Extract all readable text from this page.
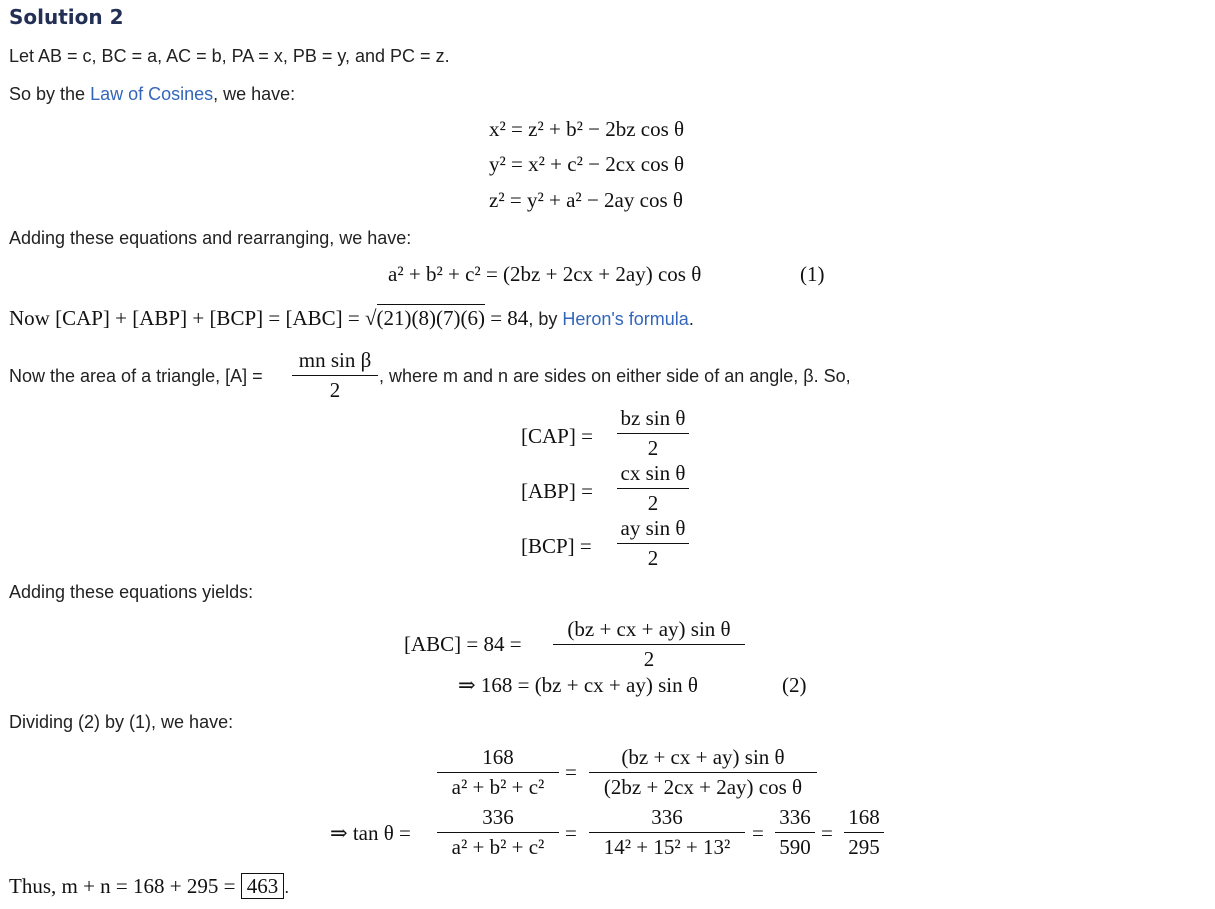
Solution 2
Let AB = c, BC = a, AC = b, PA = x, PB = y, and PC = z.
So by the Law of Cosines, we have:
x² = z² + b² − 2bz cos θ
y² = x² + c² − 2cx cos θ
z² = y² + a² − 2ay cos θ
Adding these equations and rearranging, we have:
a² + b² + c² = (2bz + 2cx + 2ay) cos θ	(1)
Now [CAP] + [ABP] + [BCP] = [ABC] = √(21)(8)(7)(6) = 84, by Heron's formula.
Now the area of a triangle, $[A] = \frac{\text{mn sin β}}{2}$ , where m and n are sides on either side of an angle, β. So,
$[CAP] = \frac{\text{bz sin θ}}{2}$
$[ABP] = \frac{\text{cx sin θ}}{2}$
$[BCP] = \frac{\text{ay sin θ}}{2}$
Adding these equations yields:
$[ABC] = 84 = \frac{\text{(bz + cx + ay) sin θ}}{2}$
⇒ 168 = (bz + cx + ay) sin θ	(2)
Dividing (2) by (1), we have:
$\frac{168}{\text{a² + b² + c²}} = \frac{\text{(bz + cx + ay) sin θ}}{\text{(2bz + 2cx + 2ay) cos θ}}$
⇒ $\tan \theta = \frac{336}{\text{a² + b² + c²}} = \frac{336}{\text{14² + 15² + 13²}} = \frac{336}{590} = \frac{168}{295}$
Thus, m + n = 168 + 295 = 463 .
